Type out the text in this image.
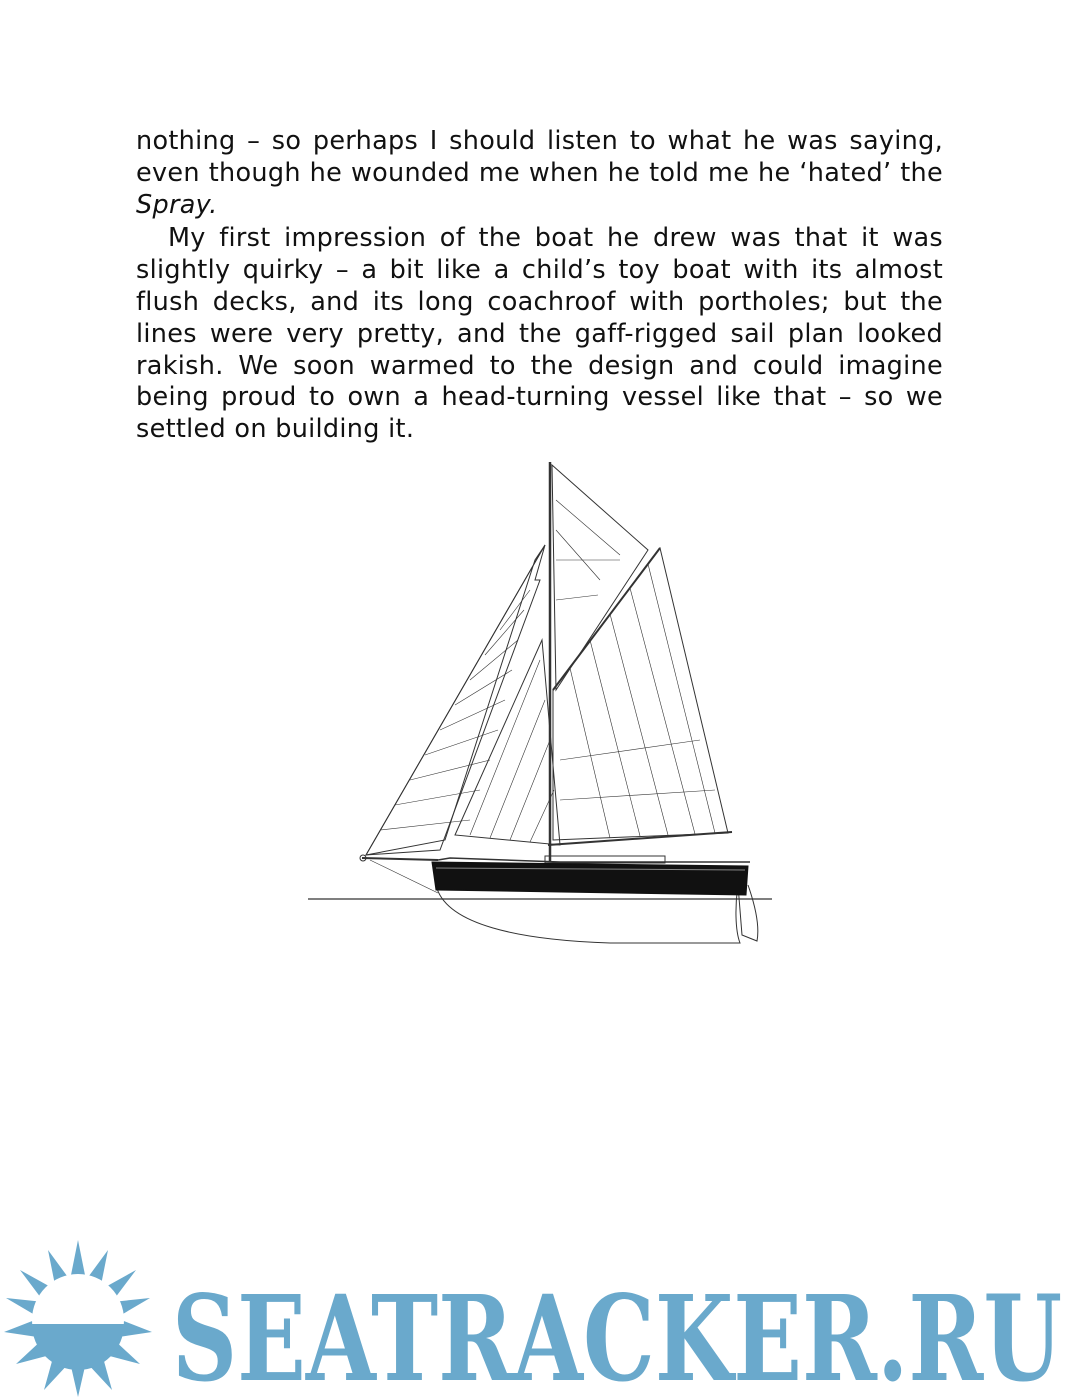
nothing – so perhaps I should listen to what he was saying, even though he wounded me when he told me he ‘hated’ the Spray.

My first impression of the boat he drew was that it was slightly quirky – a bit like a child’s toy boat with its almost flush decks, and its long coachroof with portholes; but the lines were very pretty, and the gaff-rigged sail plan looked rakish. We soon warmed to the design and could imagine being proud to own a head-turning vessel like that – so we settled on building it.

SEATRACKER.RU
